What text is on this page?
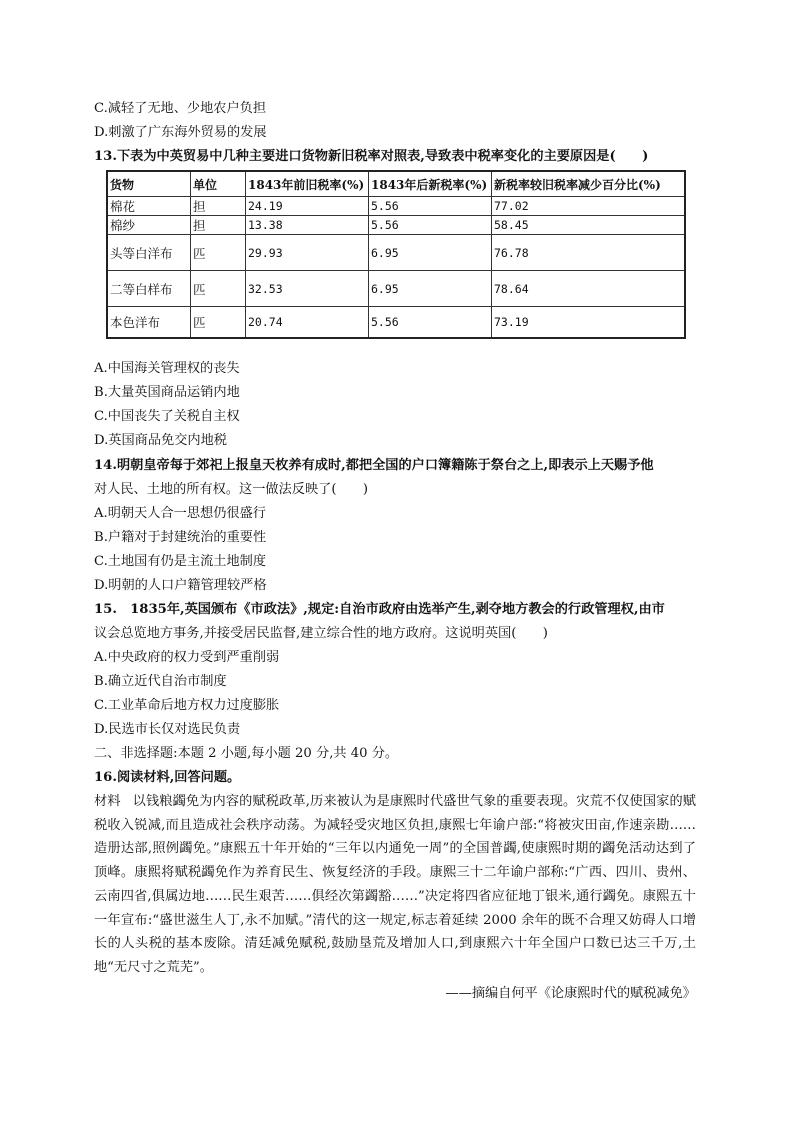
C.减轻了无地、少地农户负担
D.刺激了广东海外贸易的发展
13.下表为中英贸易中几种主要进口货物新旧税率对照表,导致表中税率变化的主要原因是(　　)
货物	单位	1843年前旧税率(%)	1843年后新税率(%)	新税率较旧税率减少百分比(%)
棉花	担	24.19	5.56	77.02
棉纱	担	13.38	5.56	58.45
头等白洋布	匹	29.93	6.95	76.78
二等白样布	匹	32.53	6.95	78.64
本色洋布	匹	20.74	5.56	73.19
A.中国海关管理权的丧失
B.大量英国商品运销内地
C.中国丧失了关税自主权
D.英国商品免交内地税
14.明朝皇帝每于郊祀上报皇天枚养有成时,都把全国的户口簿籍陈于祭台之上,即表示上天赐予他
对人民、土地的所有权。这一做法反映了(　　)
A.明朝天人合一思想仍很盛行
B.户籍对于封建统治的重要性
C.土地国有仍是主流土地制度
D.明朝的人口户籍管理较严格
15.　1835年,英国颁布《市政法》,规定:自治市政府由选举产生,剥夺地方教会的行政管理权,由市
议会总览地方事务,并接受居民监督,建立综合性的地方政府。这说明英国(　　)
A.中央政府的权力受到严重削弱
B.确立近代自治市制度
C.工业革命后地方权力过度膨胀
D.民选市长仅对选民负责
二、非选择题:本题 2 小题,每小题 20 分,共 40 分。
16.阅读材料,回答问题。
材料 以钱粮蠲免为内容的赋税政革,历来被认为是康熙时代盛世气象的重要表现。灾荒不仅使国家的赋税收入锐减,而且造成社会秩序动荡。为减轻受灾地区负担,康熙七年谕户部:“将被灾田亩,作速亲勘……造册达部,照例蠲免。”康熙五十年开始的“三年以内通免一周”的全国普蠲,使康熙时期的蠲免活动达到了顶峰。康熙将赋税蠲免作为养育民生、恢复经济的手段。康熙三十二年谕户部称:“广西、四川、贵州、云南四省,俱属边地……民生艰苦……俱经次第蠲豁……”决定将四省应征地丁银米,通行蠲免。康熙五十一年宣布:“盛世滋生人丁,永不加赋。”清代的这一规定,标志着延续 2000 余年的既不合理又妨碍人口增长的人头税的基本废除。清廷减免赋税,鼓励垦荒及增加人口,到康熙六十年全国户口数已达三千万,土地“无尺寸之荒芜”。
——摘编自何平《论康熙时代的赋税减免》
